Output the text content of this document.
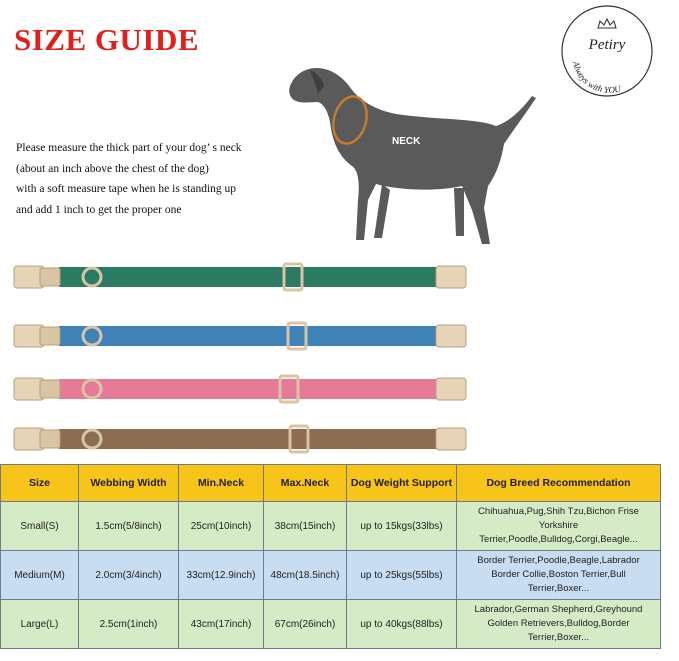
SIZE GUIDE
Please measure the thick part of your dog’ s neck
(about an inch above the chest of the dog)
with a soft measure tape when he is standing up
and add 1 inch to get the proper one
Petiry
Always with YOU
NECK
Size	Webbing Width	Min.Neck	Max.Neck	Dog Weight Support	Dog Breed Recommendation
Small(S)	1.5cm(5/8inch)	25cm(10inch)	38cm(15inch)	up to 15kgs(33lbs)	Chihuahua,Pug,Shih Tzu,Bichon Frise
Yorkshire Terrier,Poodle,Bulldog,Corgi,Beagle...

Medium(M)	2.0cm(3/4inch)	33cm(12.9inch)	48cm(18.5inch)	up to 25kgs(55lbs)	Border Terrier,Poodle,Beagle,Labrador
Border Collie,Boston Terrier,Bull Terrier,Boxer...

Large(L)	2.5cm(1inch)	43cm(17inch)	67cm(26inch)	up to 40kgs(88lbs)	Labrador,German Shepherd,Greyhound
Golden Retrievers,Bulldog,Border
Terrier,Boxer...
